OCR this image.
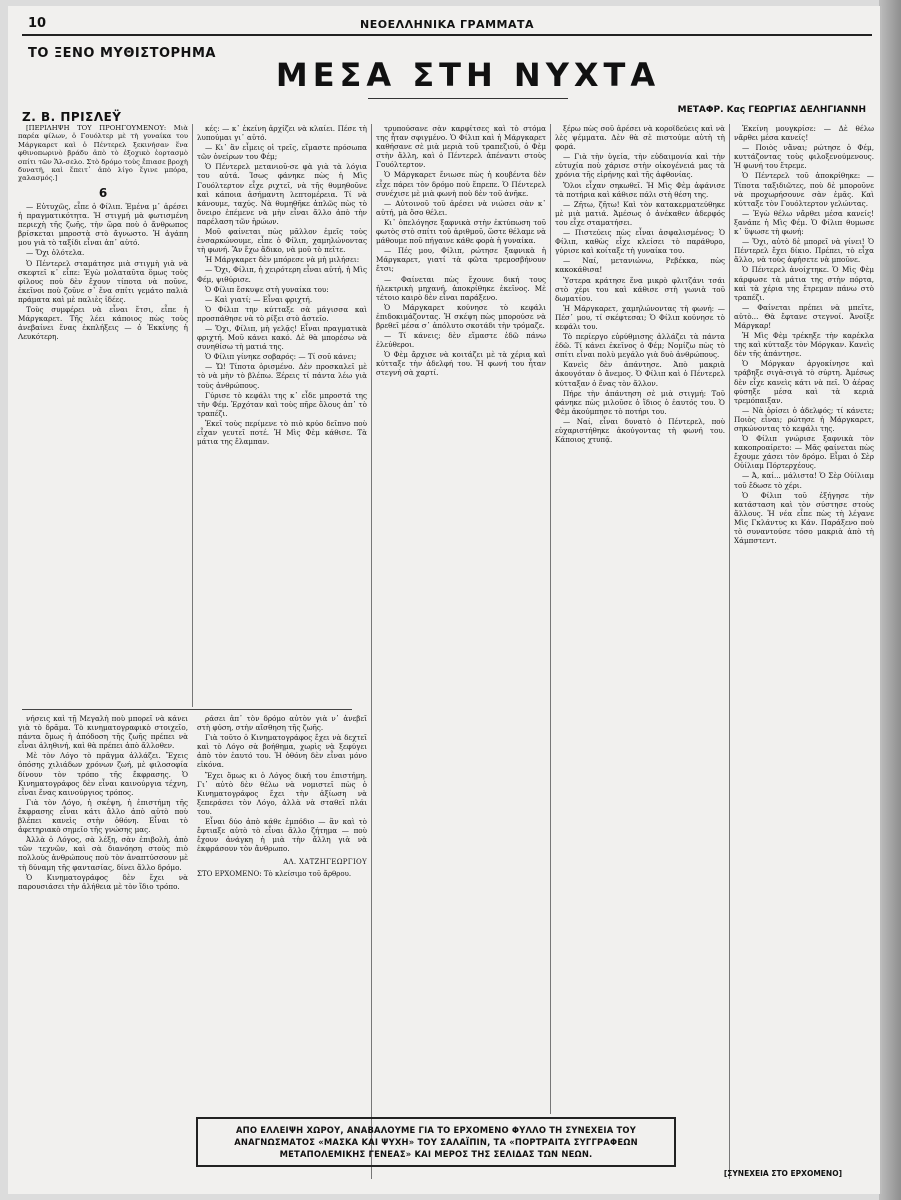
10	ΝΕΟΕΛΛΗΝΙΚΑ ΓΡΑΜΜΑΤΑ
ΤΟ ΞΕΝΟ ΜΥΘΙΣΤΟΡΗΜΑ
ΜΕΣΑ ΣΤΗ ΝΥΧΤΑ
Ζ. Β. ΠΡΙΣΛΕΫ	ΜΕΤΑΦΡ. Κας ΓΕΩΡΓΙΑΣ ΔΕΛΗΓΙΑΝΝΗ

[ΠΕΡΙΛΗΨΗ ΤΟΥ ΠΡΟΗΓΟΥΜΕΝΟΥ: Μιὰ παρέα φίλων, ὁ Γουόλτερ μὲ τὴ γυναίκα του Μάργκαρετ καὶ ὁ Πέντερελ ξεκινήσαν ἕνα φθινοπωρινὸ βράδυ ἀπὸ τὸ ἐξοχικὸ ἑορτασμὸ σπίτι τῶν Ἄλ-σελο. Στὸ δρόμο τοὺς ἔπιασε βροχὴ δυνατή, καὶ ἔπειτ᾿ ἀπὸ λίγο ἔγινε μπόρα, χαλασμός.]

6

— Εὐτυχῶς, εἶπε ὁ Φίλιπ. Ἐμένα μ᾿ ἀρέσει ἡ πραγματικότητα. Ἡ στιγμή μὰ φωτισμένη περιεχὴ τῆς ζωῆς, τὴν ὥρα ποὺ ὁ ἄνθρωπος βρίσκεται μπροστὰ στὸ ἄγνωστο. Ἡ ἀγάπη μου γιὰ τὸ ταξίδι εἶναι ἀπ᾿ αὐτό.

— Ὄχι ὁλότελα.

Ὁ Πέντερελ σταμάτησε μιὰ στιγμὴ γιὰ νὰ σκεφτεῖ κ᾿ εἶπε: Ἐγὼ μολαταῦτα ὅμως τοὺς φίλους ποὺ δὲν ἔχουν τίποτα νὰ ποῦνε, ἐκεῖνοι ποὺ ζοῦνε σ᾿ ἕνα σπίτι γεμάτο παλιὰ πράματα καὶ μὲ παλιὲς ἰδέες.

Τοὺς συμφέρει νὰ εἶναι ἔτσι, εἶπε ἡ Μάργκαρετ. Τῆς λέει κάποιος πὼς τοὺς ἀνεβαίνει ἕνας ἐκπλήξεις — ὁ Ἐκκίνης ἡ Λευκότερη.

κές: — κ᾿ ἐκείνη ἀρχίζει νὰ κλαίει. Πέσε τὴ λυπούμαι γι᾿ αὐτό.

— Κι᾿ ἂν εἶμεις οἱ τρεῖς, εἴμαστε πρόσωπα τῶν ὀνείρων του Φέμ;

Ὁ Πέντερελ μετανιοῦ-σε φὰ γιὰ τὰ λόγια του αὐτά. Ἰσως φάνηκε πὼς ἡ Μὶς Γουόλτερτον εἶχε ριχτεῖ, νὰ τῆς θυμηθοῦνε καὶ κάποια ἀσήμαντη λεπτομέρεια. Τί νὰ κάνουμε, ταχύς. Νὰ θυμηθῆκε ἁπλῶς πὼς τὸ ὅνειρο ἐπέμενε νὰ μὴν εἶναι ἄλλο ἀπὸ τὴν παρέλαση τῶν ἡρώων.

Μοῦ φαίνεται πὼς μᾶλλον ἐμεῖς τοὺς ἐνσαρκώνουμε, εἶπε ὁ Φίλιπ, χαμηλώνοντας τὴ φωνή. Ἂν ἔχω ἄδικο, νὰ μοῦ τὸ πεῖτε.

Ἡ Μάργκαρετ δὲν μπόρεσε νὰ μὴ μιλήσει:

— Ὄχι, Φίλιπ, ἡ χειρότερη εἶναι αὐτή, ἡ Μὶς Φέμ, ψιθύρισε.

Ὁ Φίλιπ ἔσκυψε στὴ γυναίκα του:

— Καὶ γιατί; — Εἶναι φριχτή.

Ὁ Φίλιπ την κύτταξε σὰ μάγισσα καὶ προσπάθησε νὰ τὸ ρίξει στὸ ἀστεῖο.

— Ὄχι, Φίλιπ, μὴ γελᾷς! Εἶναι πραγματικὰ φριχτή. Μοῦ κάνει κακό. Δὲ θὰ μπορέσω νὰ συνηθίσω τὴ ματιά της.

Ὁ Φίλιπ γίνηκε σοβαρός: — Τί σοῦ κάνει;

— Ὤ! Τίποτα ὁρισμένο. Δὲν προσκαλεῖ μὲ τὸ νὰ μὴν τὸ βλέπω. Ξέρεις τί πάντα λέω γιὰ τοὺς ἀνθρώπους.

Γύρισε τὸ κεφάλι της κ᾿ εἶδε μπροστά της τὴν Φέμ. Ἐρχόταν καὶ τοὺς πῆρε ὅλους ἀπ᾿ τὸ τραπέζι.

Ἐκεῖ τοὺς περίμενε τὸ πιὸ κρύο δεῖπνο ποὺ εἶχαν γευτεῖ ποτέ. Ἡ Μὶς Φὲμ κάθισε. Τὰ μάτια της ἔλαμπαν.

νήσεις καὶ τῇ Μεγαλὴ ποὺ μπορεῖ νὰ κάνει γιὰ τὸ δρᾶμα. Τὸ κινηματογραφικὸ στοιχεῖο, πάντα ὅμως ἡ ἀπόδοση τῆς ζωῆς πρέπει νὰ εἶναι ἀληθινή, καὶ θὰ πρέπει ἀπὸ ἄλλοθεν.

Μὲ τὸν Λόγο τὸ πρᾶγμα ἀλλάζει. Ἔχεις ὁπόσης χιλιάδων χρόνων ζωή, μὲ φιλοσοφία δίνουν τὸν τρόπο τῆς ἔκφρασης. Ὁ Κινηματογράφος δὲν εἶναι καινούργια τέχνη, εἶναι ἕνας καινούργιος τρόπος.

Γιὰ τὸν Λόγο, ἡ σκέψη, ἡ ἐπιστήμη τῆς ἔκφρασης εἶναι κάτι ἄλλο ἀπὸ αὐτὸ ποὺ βλέπει κανεὶς στὴν ὀθόνη. Εἶναι τὸ ἀφετηριακὸ σημεῖο τῆς γνώσης μας.

Ἀλλὰ ὁ Λόγος, σὰ λέξη, σὰν ἐπιβολὴ, ἀπὸ τῶν τεχνῶν, καὶ σὰ διανόηση στοὺς πιὸ πολλοὺς ἀνθρώπους ποὺ τὸν ἀναπτύσσουν μὲ τὴ δύναμη τῆς φαντασίας, δίνει ἄλλο δρόμο.

Ὁ Κινηματογράφος δὲν ἔχει νὰ παρουσιάσει τὴν ἀλήθεια μὲ τὸν ἴδιο τρόπο.

ράσει ἀπ᾿ τὸν δρόμο αὐτὸν γιὰ ν᾿ ἀνεβεῖ στὴ φύση, στὴν αἴσθηση τῆς ζωῆς.

Γιὰ τοῦτο ὁ Κινηματογράφος ἔχει νὰ δεχτεῖ καὶ τὸ Λόγο σὰ βοήθημα, χωρὶς νὰ ξεφύγει ἀπὸ τὸν ἑαυτό του. Ἡ ὀθόνη δὲν εἶναι μόνο εἰκόνα.

Ἔχει ὅμως κι ὁ Λόγος δική του ἐπιστήμη. Γι᾿ αὐτὸ δὲν θέλω νὰ νομιστεῖ πὼς ὁ Κινηματογράφος ἔχει τὴν ἀξίωση νὰ ξεπεράσει τὸν Λόγο, ἀλλὰ νὰ σταθεῖ πλάι του.

Εἶναι δύο ἀπὸ κάθε ἐμπόδιο — ἂν καὶ τὸ ἔφτιαξε αὐτὸ τὸ εἶναι ἄλλο ζήτημα — ποὺ ἔχουν ἀνάγκη ἡ μιὰ τὴν ἄλλη γιὰ νὰ ἐκφράσουν τὸν ἄνθρωπο.

ΑΛ. ΧΑΤΖΗΓΕΩΡΓΙΟΥ

ΣΤΟ ΕΡΧΟΜΕΝΟ: Τὸ κλείσιμο τοῦ ἄρθρου.

τρυπούσανε σὰν καρφίτσες καὶ τὸ στόμα της ἦταν σφιγμένο. Ὁ Φίλιπ καὶ ἡ Μάργκαρετ καθήσανε σὲ μιὰ μεριὰ τοῦ τραπεζιοῦ, ὁ Φὲμ στὴν ἄλλη, καὶ ὁ Πέντερελ ἀπέναντι στοὺς Γουόλτερτον.

Ὁ Μάργκαρετ ἔνιωσε πὼς ἡ κουβέντα δὲν εἶχε πάρει τὸν δρόμο ποὺ ἔπρεπε. Ὁ Πέντερελ συνέχισε μὲ μιὰ φωνὴ ποὺ δὲν τοῦ ἀνῆκε.

— Αὐτοινοῦ τοῦ ἀρέσει νὰ νιώσει σὰν κ᾿ αὐτή, μὰ ὅσο θέλει.

Κι᾿ ὁπελόγησε ξαφνικὰ στὴν ἐκτύπωση τοῦ φωτὸς στὸ σπίτι τοῦ ἀριθμοῦ, ὥστε θέλαμε νὰ μάθουμε ποῦ πήγαινε κάθε φορὰ ἡ γυναίκα.

— Πές μου, Φίλιπ, ρώτησε ξαφνικὰ ἡ Μάργκαρετ, γιατί τὰ φῶτα τρεμοσβήνουν ἔτσι;

— Φαίνεται πὼς ἔχουνε δική τους ἠλεκτρικὴ μηχανή, ἀποκρίθηκε ἐκεῖνος. Μὲ τέτοιο καιρὸ δὲν εἶναι παράξενο.

Ὁ Μάργκαρετ κούνησε τὸ κεφάλι ἐπιδοκιμάζοντας. Ἡ σκέψη πὼς μπορούσε νὰ βρεθεῖ μέσα σ᾿ ἀπόλυτο σκοτάδι τὴν τρόμαζε.

— Τί κάνεις; δὲν εἴμαστε ἐδῶ πάνω ἐλεύθεροι.

Ὁ Φὲμ ἄρχισε νὰ κοιτάζει μὲ τὰ χέρια καὶ κύτταξε τὴν ἀδελφή του. Ἡ φωνή του ἦταν στεγνή σὰ χαρτί.

ξέρω πὼς σοῦ ἀρέσει νὰ κοροϊδεύεις καὶ νὰ λὲς ψέμματα. Δὲν θὰ σὲ πιστούμε αὐτὴ τὴ φορά.

— Γιὰ τὴν ὑγεία, τὴν εὐδαιμονία καὶ τὴν εὐτυχία ποὺ χάρισε στὴν οἰκογένειά μας τὰ χρόνια τῆς εἰρήνης καὶ τῆς ἀφθονίας.

Ὅλοι εἶχαν σηκωθεῖ. Ἡ Μὶς Φὲμ ἀφάνισε τὰ ποτήρια καὶ κάθισε πάλι στὴ θέση της.

— Ζῆτω, ζῆτω! Καὶ τὸν κατακερματεύθηκε μὲ μιὰ ματιά. Ἀμέσως ὁ ἀνέκαθεν ἀδερφός του εἶχε σταματήσει.

— Πιστεύεις πὼς εἶναι ἀσφαλισμένος; Ὁ Φίλιπ, καθὼς εἶχε κλείσει τὸ παράθυρο, γύρισε καὶ κοίταξε τὴ γυναίκα του.

— Ναί, μετανιώνω, Ρεβέκκα, πὼς κακοκάθισα!

Ὑστερα κράτησε ἕνα μικρὸ φλιτζάνι τσάι στὸ χέρι του καὶ κάθισε στὴ γωνιὰ τοῦ δωματίου.

Ἡ Μάργκαρετ, χαμηλώνοντας τὴ φωνή: — Πέσ᾿ μου, τί σκέφτεσαι; Ὁ Φίλιπ κούνησε τὸ κεφάλι του.

Τὸ περίεργο εὐρύθμισης ἀλλάζει τὰ πάντα ἐδῶ. Τί κάνει ἐκεῖνος ὁ Φέμ; Νομίζω πὼς τὸ σπίτι εἶναι πολὺ μεγάλο γιὰ δυὸ ἀνθρώπους.

Κανεὶς δὲν ἀπάντησε. Ἀπὸ μακριὰ ἀκουγόταν ὁ ἄνεμος. Ὁ Φίλιπ καὶ ὁ Πέντερελ κύτταξαν ὁ ἕνας τὸν ἄλλον.

Πήρε τὴν ἀπάντηση σὲ μιὰ στιγμή: Τοῦ φάνηκε πὼς μιλοῦσε ὁ ἴδιος ὁ ἐαυτός του. Ὁ Φὲμ ἀκούμπησε τὸ ποτήρι του.

— Ναί, εἶναι δυνατὸ ὁ Πέντερελ, ποὺ εὐχαριστήθηκε ἀκούγοντας τὴ φωνή του. Κάποιος χτυπᾷ.

Ἐκείνη μουγκρίσε: — Δὲ θέλω νἄρθει μέσα κανείς!

— Ποιὸς νἄναι; ρώτησε ὁ Φέμ, κυττάζοντας τοὺς φιλοξενούμενους. Ἡ φωνή του ἔτρεμε.

Ὁ Πέντερελ τοῦ ἀποκρίθηκε: — Τίποτα ταξιδιῶτες, ποὺ δὲ μποροῦνε νὰ προχωρήσουνε σὰν ἐμᾶς. Καὶ κύτταξε τὸν Γουόλτερτον γελώντας.

— Ἐγὼ θέλω νἄρθει μέσα κανείς! ξανάπε ἡ Μὶς Φέμ. Ὁ Φίλιπ θυμωσε κ᾿ ὕψωσε τὴ φωνή:

— Ὄχι, αὐτὸ δὲ μπορεῖ νὰ γίνει! Ὁ Πέντερελ ἔχει δίκιο. Πρέπει, τὸ εἶχα ἄλλο, νὰ τοὺς ἀφήσετε νὰ μποῦνε.

Ὁ Πέντερελ ἀνοίχτηκε. Ὁ Μὶς Φὲμ κάρφωσε τὰ μάτια της στὴν πόρτα, καὶ τὰ χέρια της ἔτρεμαν πάνω στὸ τραπέζι.

— Φαίνεται πρέπει νὰ μπεῖτε, αὐτὸ... Θὰ ἔφτανε στεγνοί. Ἀνοίξε Μάργκαρ!

Ἡ Μὶς Φὲμ τρέκηξε τὴν καρέκλα της καὶ κύτταξε τὸν Μόργκαν. Κανεὶς δὲν τῆς ἀπάντησε.

Ὁ Μόργκαν ἀργοκίνησε καὶ τράβηξε σιγὰ-σιγὰ τὸ σύρτη. Ἀμέσως δὲν εἶχε κανεὶς κάτι νὰ πεῖ. Ὁ ἀέρας φύσηξε μέσα καὶ τὰ κεριὰ τρεμόπαιξαν.

— Νὰ ὁρίσει ὁ ἀδελφός; τί κάνετε; Ποιὸς εἶναι; ρώτησε ἡ Μάργκαρετ, σηκώνοντας τὸ κεφάλι της.

Ὁ Φίλιπ γνώρισε ξαφνικὰ τὸν κακοπροαίρετο: — Μᾶς φαίνεται πὼς ἔχουμε χάσει τὸν δρόμο. Εἶμαι ὁ Σὲρ Οὐίλιαμ Πόρτερχέους.

— Ἀ, καί... μάλιστα! Ὁ Σὲρ Οὐίλιαμ τοῦ ἔδωσε τὸ χέρι.

Ὁ Φίλιπ τοῦ ἐξήγησε τὴν κατάσταση καὶ τὸν σύστησε στοὺς ἄλλους. Ἡ νέα εἶπε πὼς τὴ λέγανε Μὶς Γκλάντυς κι Κάν. Παράξενο ποὺ τὸ συναντούσε τόσο μακριὰ ἀπὸ τὴ Χάμπστεντ.

[ΣΥΝΕΧΕΙΑ ΣΤΟ ΕΡΧΟΜΕΝΟ]
ΑΠΟ ΕΛΛΕΙΨΗ ΧΩΡΟΥ, ΑΝΑΒΑΛΟΥΜΕ ΓΙΑ ΤΟ ΕΡΧΟΜΕΝΟ ΦΥΛΛΟ ΤΗ ΣΥΝΕΧΕΙΑ ΤΟΥ ΑΝΑΓΝΩΣΜΑΤΟΣ «ΜΑΣΚΑ ΚΑΙ ΨΥΧΗ» ΤΟΥ ΣΑΛΑΪΠΙΝ, ΤΑ «ΠΟΡΤΡΑΙΤΑ ΣΥΓΓΡΑΦΕΩΝ ΜΕΤΑΠΟΛΕΜΙΚΗΣ ΓΕΝΕΑΣ» ΚΑΙ ΜΕΡΟΣ ΤΗΣ ΣΕΛΙΔΑΣ ΤΩΝ ΝΕΩΝ.
